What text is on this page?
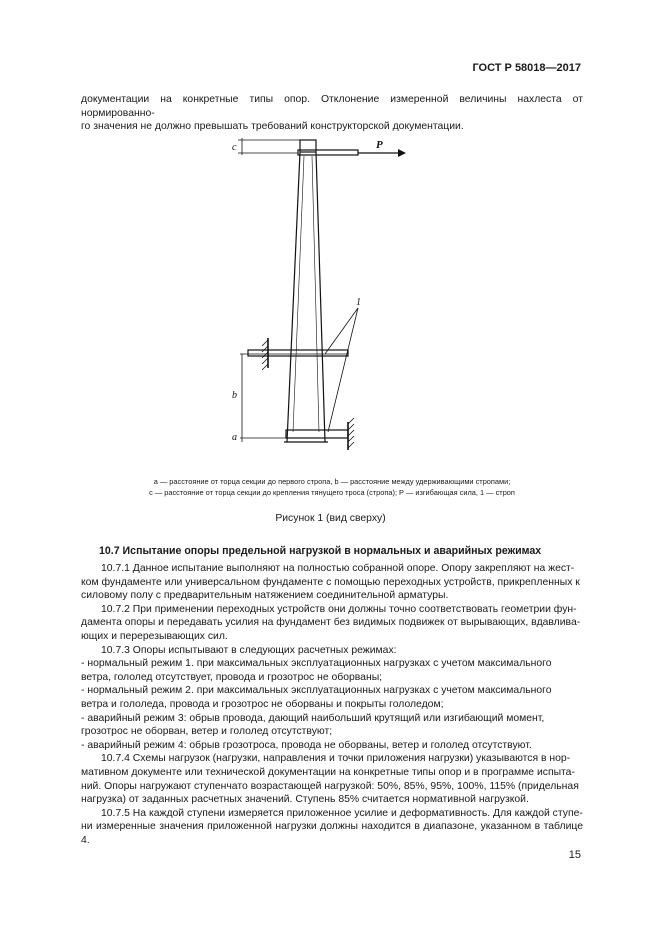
ГОСТ Р 58018—2017
документации на конкретные типы опор. Отклонение измеренной величины нахлеста от нормированно-
го значения не должно превышать требований конструкторской документации.
c
b
a
P
1
a — расстояние от торца секции до первого стропа, b — расстояние между удерживающими стропами;
c — расстояние от торца секции до крепления тянущего троса (стропа); P — изгибающая сила, 1 — строп
Рисунок 1 (вид сверху)
10.7 Испытание опоры предельной нагрузкой в нормальных и аварийных режимах
10.7.1 Данное испытание выполняют на полностью собранной опоре. Опору закрепляют на жест-
ком фундаменте или универсальном фундаменте с помощью переходных устройств, прикрепленных к
силовому полу с предварительным натяжением соединительной арматуры.
10.7.2 При применении переходных устройств они должны точно соответствовать геометрии фун-
дамента опоры и передавать усилия на фундамент без видимых подвижек от вырывающих, вдавлива-
ющих и перерезывающих сил.
10.7.3 Опоры испытывают в следующих расчетных режимах:
- нормальный режим 1. при максимальных эксплуатационных нагрузках с учетом максимального
ветра, гололед отсутствует, провода и грозотрос не оборваны;
- нормальный режим 2. при максимальных эксплуатационных нагрузках с учетом максимального
ветра и гололеда, провода и грозотрос не оборваны и покрыты гололедом;
- аварийный режим 3: обрыв провода, дающий наибольший крутящий или изгибающий момент,
грозотрос не оборван, ветер и гололед отсутствуют;
- аварийный режим 4: обрыв грозотроса, провода не оборваны, ветер и гололед отсутствуют.
10.7.4 Схемы нагрузок (нагрузки, направления и точки приложения нагрузки) указываются в нор-
мативном документе или технической документации на конкретные типы опор и в программе испыта-
ний. Опоры нагружают ступенчато возрастающей нагрузкой: 50%, 85%, 95%, 100%, 115% (придельная
нагрузка) от заданных расчетных значений. Ступень 85% считается нормативной нагрузкой.
10.7.5 На каждой ступени измеряется приложенное усилие и деформативность. Для каждой ступе-
ни измеренные значения приложенной нагрузки должны находится в диапазоне, указанном в таблице 4.
15
